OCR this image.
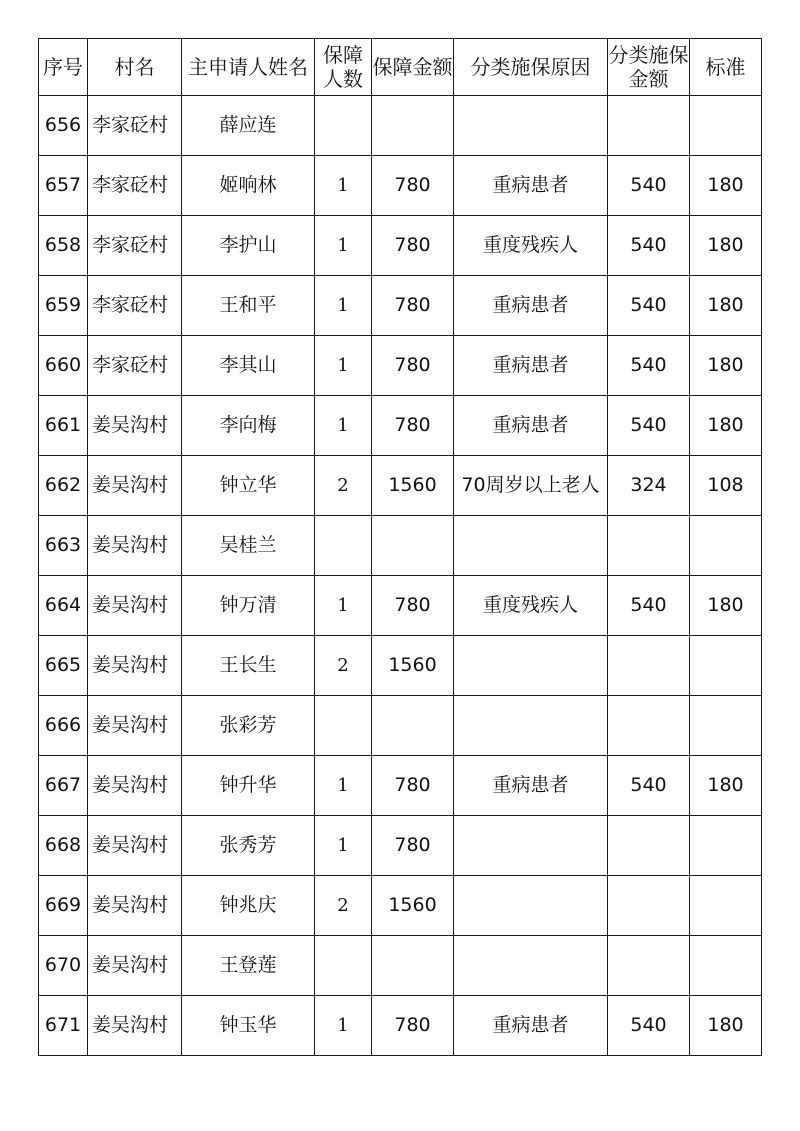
序号	村名	主申请人姓名	保障人数	保障金额	分类施保原因	分类施保金额	标准
656	李家砭村	薛应连					
657	李家砭村	姬响林	1	780	重病患者	540	180
658	李家砭村	李护山	1	780	重度残疾人	540	180
659	李家砭村	王和平	1	780	重病患者	540	180
660	李家砭村	李其山	1	780	重病患者	540	180
661	姜吴沟村	李向梅	1	780	重病患者	540	180
662	姜吴沟村	钟立华	2	1560	70周岁以上老人	324	108
663	姜吴沟村	吴桂兰					
664	姜吴沟村	钟万清	1	780	重度残疾人	540	180
665	姜吴沟村	王长生	2	1560			
666	姜吴沟村	张彩芳					
667	姜吴沟村	钟升华	1	780	重病患者	540	180
668	姜吴沟村	张秀芳	1	780			
669	姜吴沟村	钟兆庆	2	1560			
670	姜吴沟村	王登莲					
671	姜吴沟村	钟玉华	1	780	重病患者	540	180
